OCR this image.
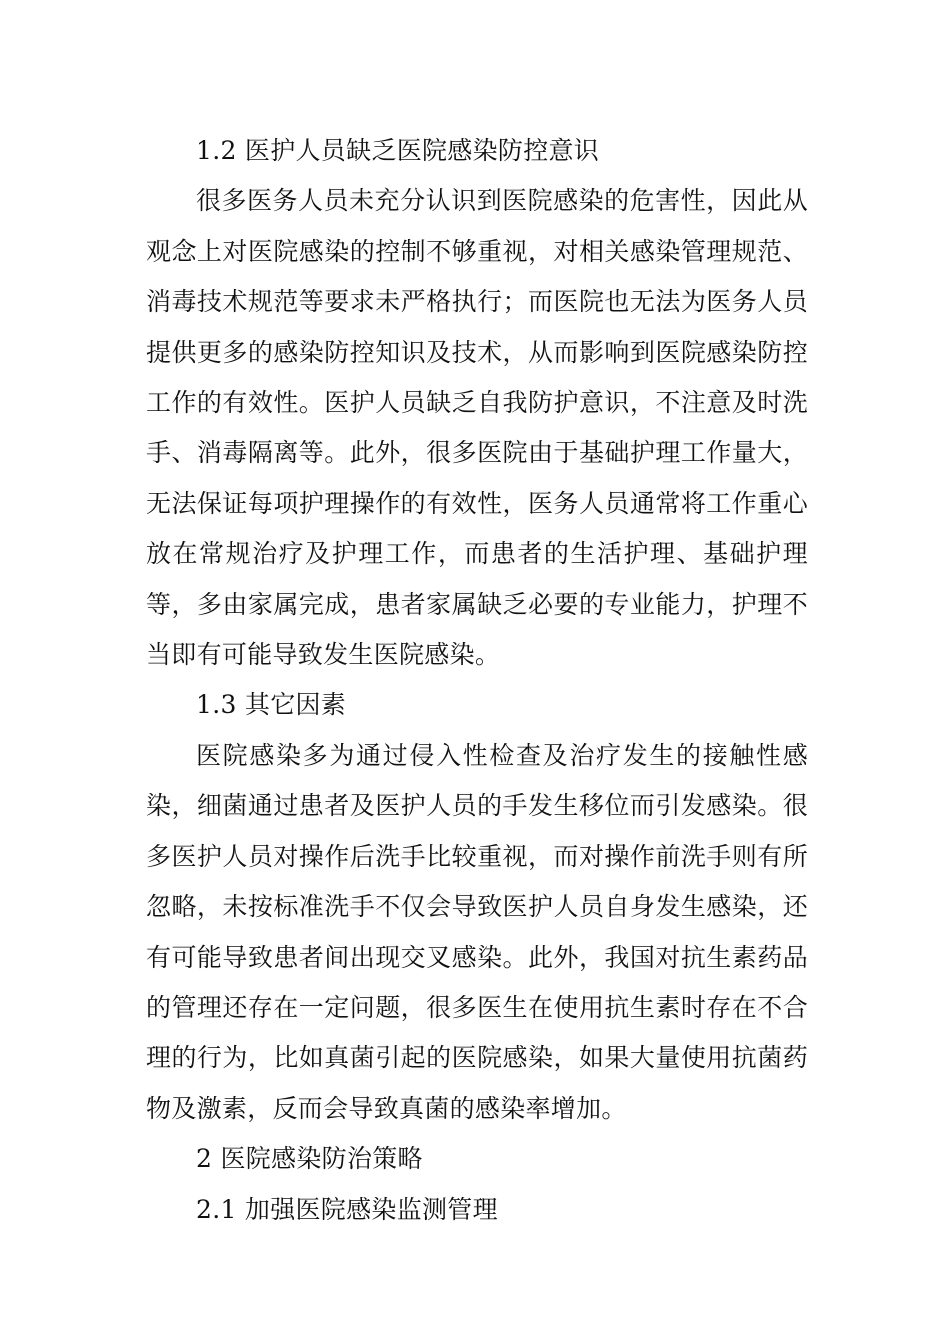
1.2 医护人员缺乏医院感染防控意识

很多医务人员未充分认识到医院感染的危害性，因此从观念上对医院感染的控制不够重视，对相关感染管理规范、消毒技术规范等要求未严格执行；而医院也无法为医务人员提供更多的感染防控知识及技术，从而影响到医院感染防控工作的有效性。医护人员缺乏自我防护意识，不注意及时洗手、消毒隔离等。此外，很多医院由于基础护理工作量大，无法保证每项护理操作的有效性，医务人员通常将工作重心放在常规治疗及护理工作，而患者的生活护理、基础护理等，多由家属完成，患者家属缺乏必要的专业能力，护理不当即有可能导致发生医院感染。

1.3 其它因素

医院感染多为通过侵入性检查及治疗发生的接触性感染，细菌通过患者及医护人员的手发生移位而引发感染。很多医护人员对操作后洗手比较重视，而对操作前洗手则有所忽略，未按标准洗手不仅会导致医护人员自身发生感染，还有可能导致患者间出现交叉感染。此外，我国对抗生素药品的管理还存在一定问题，很多医生在使用抗生素时存在不合理的行为，比如真菌引起的医院感染，如果大量使用抗菌药物及激素，反而会导致真菌的感染率增加。

2 医院感染防治策略

2.1 加强医院感染监测管理
